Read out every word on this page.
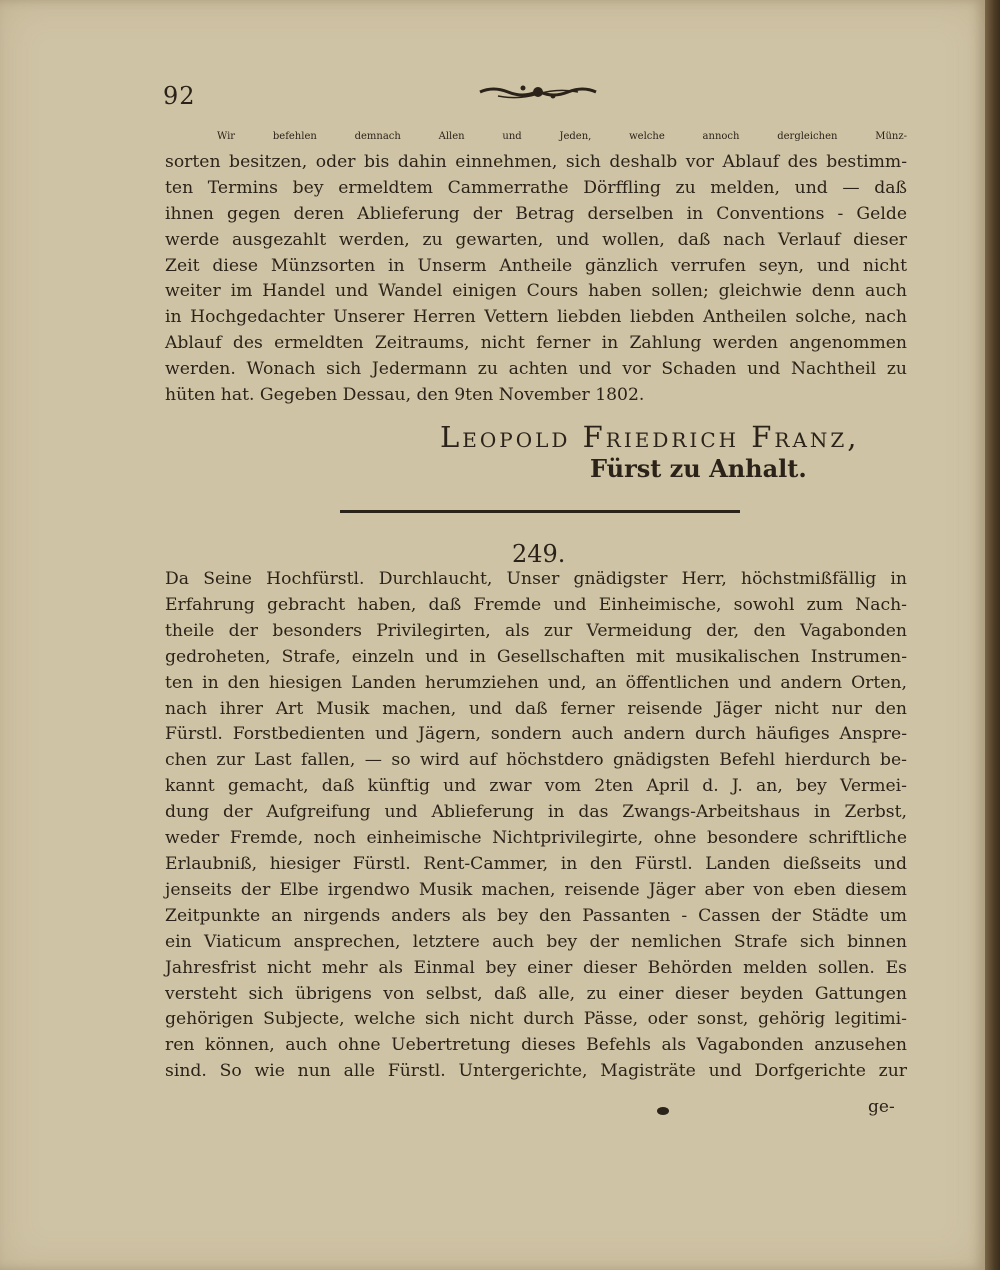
92
Wir befehlen demnach Allen und Jeden, welche annoch dergleichen Münz-
sorten besitzen, oder bis dahin einnehmen, sich deshalb vor Ablauf des bestimm-
ten Termins bey ermeldtem Cammerrathe Dörffling zu melden, und — daß
ihnen gegen deren Ablieferung der Betrag derselben in Conventions - Gelde
werde ausgezahlt werden, zu gewarten, und wollen, daß nach Verlauf dieser
Zeit diese Münzsorten in Unserm Antheile gänzlich verrufen seyn, und nicht
weiter im Handel und Wandel einigen Cours haben sollen; gleichwie denn auch
in Hochgedachter Unserer Herren Vettern liebden liebden Antheilen solche, nach
Ablauf des ermeldten Zeitraums, nicht ferner in Zahlung werden angenommen
werden. Wonach sich Jedermann zu achten und vor Schaden und Nachtheil zu
hüten hat. Gegeben Dessau, den 9ten November 1802.
Leopold Friedrich Franz,
Fürst zu Anhalt.
249.
Da Seine Hochfürstl. Durchlaucht, Unser gnädigster Herr, höchstmißfällig in
Erfahrung gebracht haben, daß Fremde und Einheimische, sowohl zum Nach-
theile der besonders Privilegirten, als zur Vermeidung der, den Vagabonden
gedroheten, Strafe, einzeln und in Gesellschaften mit musikalischen Instrumen-
ten in den hiesigen Landen herumziehen und, an öffentlichen und andern Orten,
nach ihrer Art Musik machen, und daß ferner reisende Jäger nicht nur den
Fürstl. Forstbedienten und Jägern, sondern auch andern durch häufiges Anspre-
chen zur Last fallen, — so wird auf höchstdero gnädigsten Befehl hierdurch be-
kannt gemacht, daß künftig und zwar vom 2ten April d. J. an, bey Vermei-
dung der Aufgreifung und Ablieferung in das Zwangs-Arbeitshaus in Zerbst,
weder Fremde, noch einheimische Nichtprivilegirte, ohne besondere schriftliche
Erlaubniß, hiesiger Fürstl. Rent-Cammer, in den Fürstl. Landen dießseits und
jenseits der Elbe irgendwo Musik machen, reisende Jäger aber von eben diesem
Zeitpunkte an nirgends anders als bey den Passanten - Cassen der Städte um
ein Viaticum ansprechen, letztere auch bey der nemlichen Strafe sich binnen
Jahresfrist nicht mehr als Einmal bey einer dieser Behörden melden sollen. Es
versteht sich übrigens von selbst, daß alle, zu einer dieser beyden Gattungen
gehörigen Subjecte, welche sich nicht durch Pässe, oder sonst, gehörig legitimi-
ren können, auch ohne Uebertretung dieses Befehls als Vagabonden anzusehen
sind. So wie nun alle Fürstl. Untergerichte, Magisträte und Dorfgerichte zur
ge-
